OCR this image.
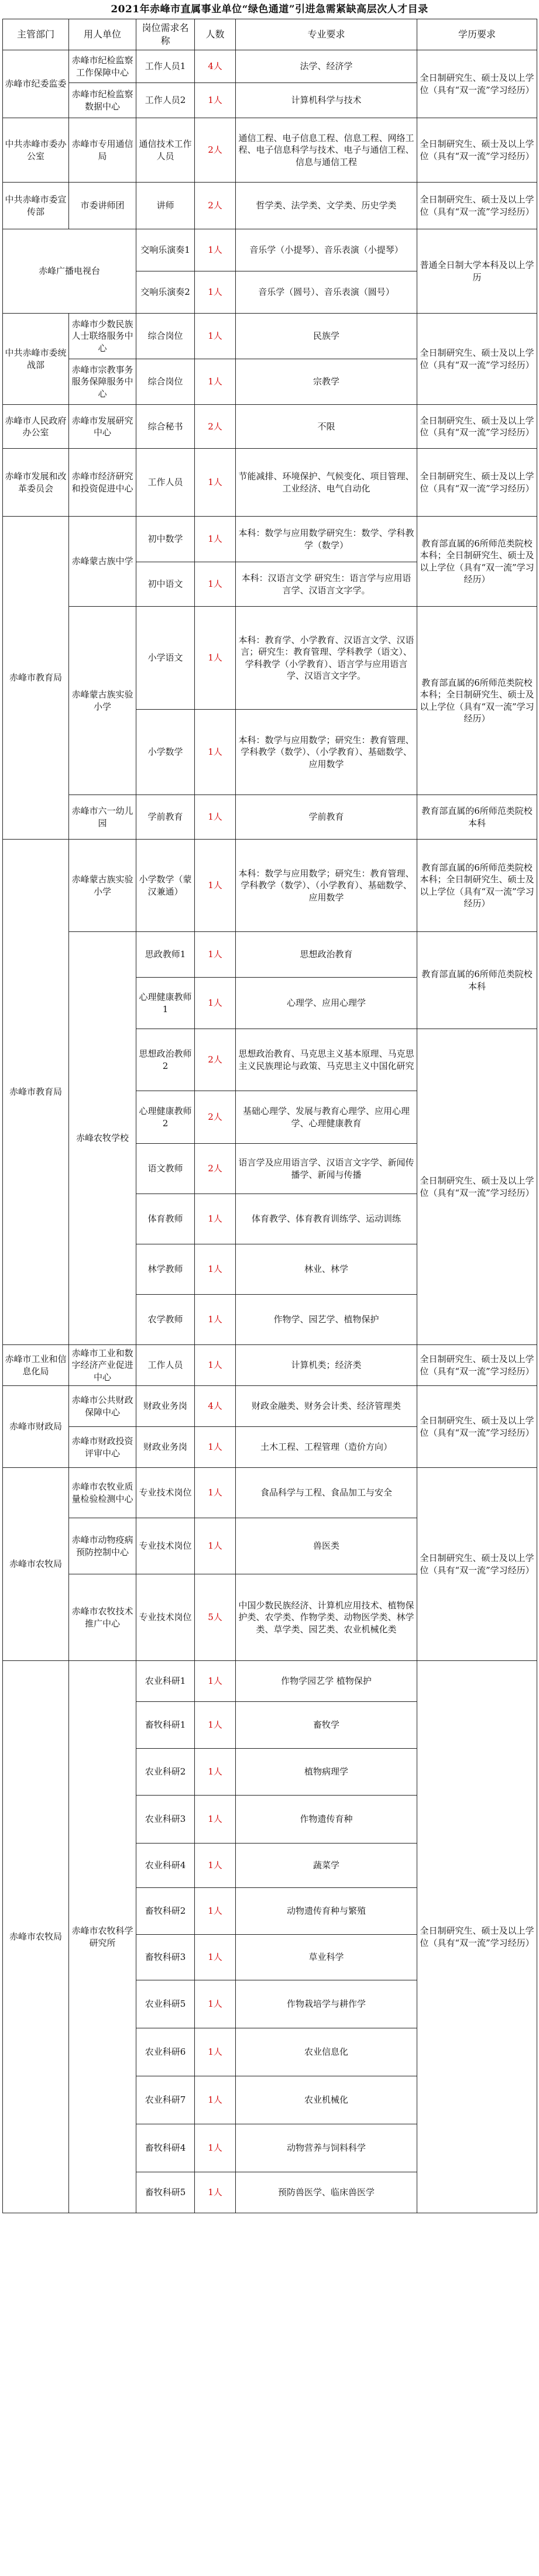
2021年赤峰市直属事业单位“绿色通道”引进急需紧缺高层次人才目录
主管部门	用人单位	岗位需求名称	人数	专业要求	学历要求
赤峰市纪委监委	赤峰市纪检监察工作保障中心	工作人员1	4人	法学、经济学	全日制研究生、硕士及以上学位（具有“双一流”学习经历）
	赤峰市纪检监察数据中心	工作人员2	1人	计算机科学与技术	
中共赤峰市委办公室	赤峰市专用通信局	通信技术工作人员	2人	通信工程、电子信息工程、信息工程、网络工程、电子信息科学与技术、电子与通信工程、信息与通信工程	全日制研究生、硕士及以上学位（具有“双一流”学习经历）
中共赤峰市委宣传部	市委讲师团	讲师	2人	哲学类、法学类、文学类、历史学类	全日制研究生、硕士及以上学位（具有“双一流”学习经历）
赤峰广播电视台		交响乐演奏1	1人	音乐学（小提琴）、音乐表演（小提琴）	普通全日制大学本科及以上学历
		交响乐演奏2	1人	音乐学（圆号）、音乐表演（圆号）	
中共赤峰市委统战部	赤峰市少数民族人士联络服务中心	综合岗位	1人	民族学	全日制研究生、硕士及以上学位（具有“双一流”学习经历）
	赤峰市宗教事务服务保障服务中心	综合岗位	1人	宗教学	
赤峰市人民政府办公室	赤峰市发展研究中心	综合秘书	2人	不限	全日制研究生、硕士及以上学位（具有“双一流”学习经历）
赤峰市发展和改革委员会	赤峰市经济研究和投资促进中心	工作人员	1人	节能减排、环境保护、气候变化、项目管理、工业经济、电气自动化	全日制研究生、硕士及以上学位（具有“双一流”学习经历）
赤峰市教育局	赤峰蒙古族中学	初中数学	1人	本科：数学与应用数学研究生：数学、学科教学（数学）	教育部直属的6所师范类院校本科；全日制研究生、硕士及以上学位（具有“双一流”学习经历）
		初中语文	1人	本科：汉语言文学 研究生：语言学与应用语言学、汉语言文字学。	
	赤峰蒙古族实验小学	小学语文	1人	本科：教育学、小学教育、汉语言文学、汉语言；研究生：教育管理、学科教学（语文）、学科教学（小学教育）、语言学与应用语言学、汉语言文字学。	教育部直属的6所师范类院校本科；全日制研究生、硕士及以上学位（具有“双一流”学习经历）
		小学数学	1人	本科：数学与应用数学；研究生：教育管理、学科教学（数学）、（小学教育）、基础数学、应用数学	
	赤峰市六一幼儿园	学前教育	1人	学前教育	教育部直属的6所师范类院校本科
赤峰市教育局	赤峰蒙古族实验小学	小学数学（蒙汉兼通）	1人	本科：数学与应用数学；研究生：教育管理、学科教学（数学）、（小学教育）、基础数学、应用数学	教育部直属的6所师范类院校本科；全日制研究生、硕士及以上学位（具有“双一流”学习经历）
	赤峰农牧学校	思政教师1	1人	思想政治教育	教育部直属的6所师范类院校本科
		心理健康教师1	1人	心理学、应用心理学	
		思想政治教师2	2人	思想政治教育、马克思主义基本原理、马克思主义民族理论与政策、马克思主义中国化研究	全日制研究生、硕士及以上学位（具有“双一流”学习经历）
		心理健康教师2	2人	基础心理学、发展与教育心理学、应用心理学、心理健康教育	
		语文教师	2人	语言学及应用语言学、汉语言文字学、新闻传播学、新闻与传播	
		体育教师	1人	体育教学、体育教育训练学、运动训练	
		林学教师	1人	林业、林学	
		农学教师	1人	作物学、园艺学、植物保护	
赤峰市工业和信息化局	赤峰市工业和数字经济产业促进中心	工作人员	1人	计算机类；经济类	全日制研究生、硕士及以上学位（具有“双一流”学习经历）
赤峰市财政局	赤峰市公共财政保障中心	财政业务岗	4人	财政金融类、财务会计类、经济管理类	全日制研究生、硕士及以上学位（具有“双一流”学习经历）
	赤峰市财政投资评审中心	财政业务岗	1人	土木工程、工程管理（造价方向）	
赤峰市农牧局	赤峰市农牧业质量检验检测中心	专业技术岗位	1人	食品科学与工程、食品加工与安全	全日制研究生、硕士及以上学位（具有“双一流”学习经历）
	赤峰市动物疫病预防控制中心	专业技术岗位	1人	兽医类	
	赤峰市农牧技术推广中心	专业技术岗位	5人	中国少数民族经济、计算机应用技术、植物保护类、农学类、作物学类、动物医学类、林学类、草学类、园艺类、农业机械化类	
赤峰市农牧局	赤峰市农牧科学研究所	农业科研1	1人	作物学园艺学 植物保护	全日制研究生、硕士及以上学位（具有“双一流”学习经历）
		畜牧科研1	1人	畜牧学	
		农业科研2	1人	植物病理学	
		农业科研3	1人	作物遗传育种	
		农业科研4	1人	蔬菜学	
		畜牧科研2	1人	动物遗传育种与繁殖	
		畜牧科研3	1人	草业科学	
		农业科研5	1人	作物栽培学与耕作学	
		农业科研6	1人	农业信息化	
		农业科研7	1人	农业机械化	
		畜牧科研4	1人	动物营养与饲料科学	
		畜牧科研5	1人	预防兽医学、临床兽医学	
